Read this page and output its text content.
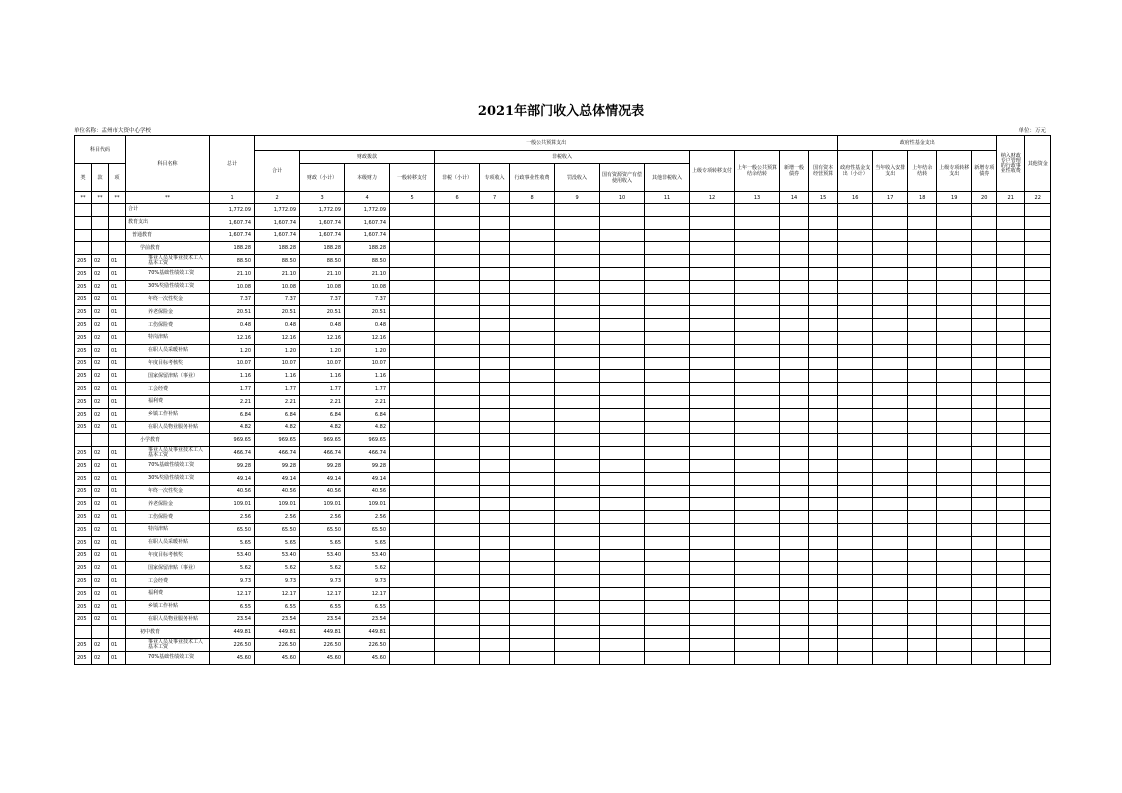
2021年部门收入总体情况表
单位名称：盂州市大资中心学校	单位：万元
科目代码			科目名称	总计	一般公共预算支出														政府性基金支出					纳入财政专户管理的行政事业性收费	其他资金
					合计	财政拨款			非税收入						上级专项转移支付	上年一般公共预算结余结转	新增一般债券	国有资本经营预算	政府性基金支出（小计）	当年收入安排支出	上年结余结转	上级专项转移支出	新增专项债券		
类	款	项				财政（小计）	本级财力	一般转移支付	非税（小计）	专项收入	行政事业性收费	罚没收入	国有资源资产有偿使用收入	其他非税收入											

**	**	**	**	1	2	3	4	5	6	7	8	9	10	11	12	13	14	15	16	17	18	19	20	21	22
			合计	1,772.09	1,772.09	1,772.09	1,772.09																		
			教育支出	1,607.74	1,607.74	1,607.74	1,607.74																		
			普通教育	1,607.74	1,607.74	1,607.74	1,607.74																		
			学前教育	188.28	188.28	188.28	188.28																		
205	02	01	事业人员及事业技术工人基本工资	88.50	88.50	88.50	88.50																		
205	02	01	70%基础性绩效工资	21.10	21.10	21.10	21.10																		
205	02	01	30%奖励性绩效工资	10.08	10.08	10.08	10.08																		
205	02	01	年终一次性奖金	7.37	7.37	7.37	7.37																		
205	02	01	养老保险金	20.51	20.51	20.51	20.51																		
205	02	01	工伤保险费	0.48	0.48	0.48	0.48																		
205	02	01	特岗津贴	12.16	12.16	12.16	12.16																		
205	02	01	在职人员采暖补贴	1.20	1.20	1.20	1.20																		
205	02	01	年度目标考核奖	10.07	10.07	10.07	10.07																		
205	02	01	国家保留津贴（事业）	1.16	1.16	1.16	1.16																		
205	02	01	工会经费	1.77	1.77	1.77	1.77																		
205	02	01	福利费	2.21	2.21	2.21	2.21																		
205	02	01	乡镇工作补贴	6.84	6.84	6.84	6.84																		
205	02	01	在职人员物业服务补贴	4.82	4.82	4.82	4.82																		
			小学教育	969.65	969.65	969.65	969.65																		
205	02	01	事业人员及事业技术工人基本工资	466.74	466.74	466.74	466.74																		
205	02	01	70%基础性绩效工资	99.28	99.28	99.28	99.28																		
205	02	01	30%奖励性绩效工资	49.14	49.14	49.14	49.14																		
205	02	01	年终一次性奖金	40.56	40.56	40.56	40.56																		
205	02	01	养老保险金	109.01	109.01	109.01	109.01																		
205	02	01	工伤保险费	2.56	2.56	2.56	2.56																		
205	02	01	特岗津贴	65.50	65.50	65.50	65.50																		
205	02	01	在职人员采暖补贴	5.65	5.65	5.65	5.65																		
205	02	01	年度目标考核奖	53.40	53.40	53.40	53.40																		
205	02	01	国家保留津贴（事业）	5.62	5.62	5.62	5.62																		
205	02	01	工会经费	9.73	9.73	9.73	9.73																		
205	02	01	福利费	12.17	12.17	12.17	12.17																		
205	02	01	乡镇工作补贴	6.55	6.55	6.55	6.55																		
205	02	01	在职人员物业服务补贴	23.54	23.54	23.54	23.54																		
			初中教育	449.81	449.81	449.81	449.81																		
205	02	01	事业人员及事业技术工人基本工资	226.50	226.50	226.50	226.50																		
205	02	01	70%基础性绩效工资	45.60	45.60	45.60	45.60																		
